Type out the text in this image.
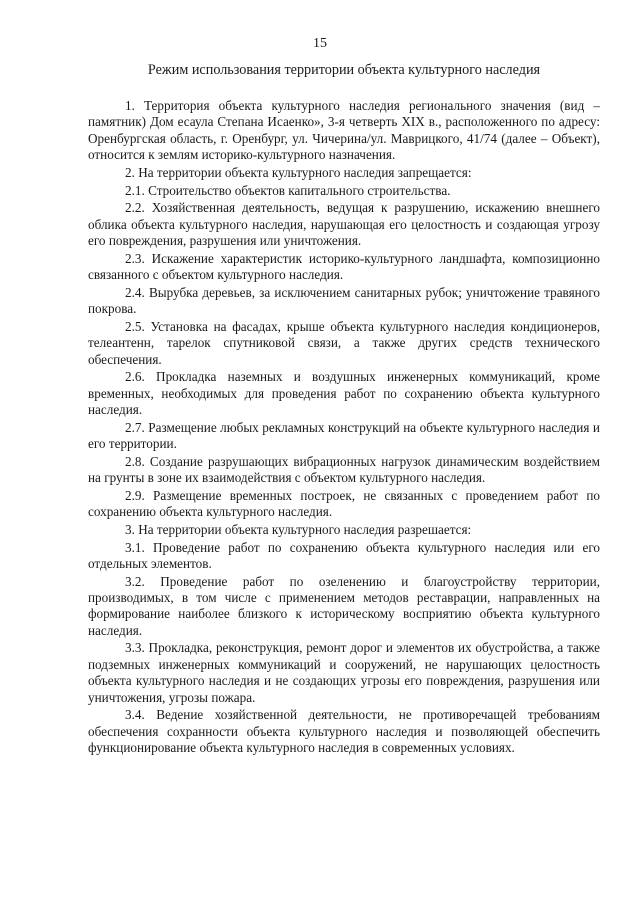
15
Режим использования территории объекта культурного наследия

1. Территория объекта культурного наследия регионального значения (вид – памятник) Дом есаула Степана Исаенко», 3-я четверть XIX в., расположенного по адресу: Оренбургская область, г. Оренбург, ул. Чичерина/ул. Маврицкого, 41/74 (далее – Объект), относится к землям историко-культурного назначения.

2. На территории объекта культурного наследия запрещается:

2.1. Строительство объектов капитального строительства.

2.2. Хозяйственная деятельность, ведущая к разрушению, искажению внешнего облика объекта культурного наследия, нарушающая его целостность и создающая угрозу его повреждения, разрушения или уничтожения.

2.3. Искажение характеристик историко-культурного ландшафта, композиционно связанного с объектом культурного наследия.

2.4. Вырубка деревьев, за исключением санитарных рубок; уничтожение травяного покрова.

2.5. Установка на фасадах, крыше объекта культурного наследия кондиционеров, телеантенн, тарелок спутниковой связи, а также других средств технического обеспечения.

2.6. Прокладка наземных и воздушных инженерных коммуникаций, кроме временных, необходимых для проведения работ по сохранению объекта культурного наследия.

2.7. Размещение любых рекламных конструкций на объекте культурного наследия и его территории.

2.8. Создание разрушающих вибрационных нагрузок динамическим воздействием на грунты в зоне их взаимодействия с объектом культурного наследия.

2.9. Размещение временных построек, не связанных с проведением работ по сохранению объекта культурного наследия.

3. На территории объекта культурного наследия разрешается:

3.1. Проведение работ по сохранению объекта культурного наследия или его отдельных элементов.

3.2. Проведение работ по озеленению и благоустройству территории, производимых, в том числе с применением методов реставрации, направленных на формирование наиболее близкого к историческому восприятию объекта культурного наследия.

3.3. Прокладка, реконструкция, ремонт дорог и элементов их обустройства, а также подземных инженерных коммуникаций и сооружений, не нарушающих целостность объекта культурного наследия и не создающих угрозы его повреждения, разрушения или уничтожения, угрозы пожара.

3.4. Ведение хозяйственной деятельности, не противоречащей требованиям обеспечения сохранности объекта культурного наследия и позволяющей обеспечить функционирование объекта культурного наследия в современных условиях.
